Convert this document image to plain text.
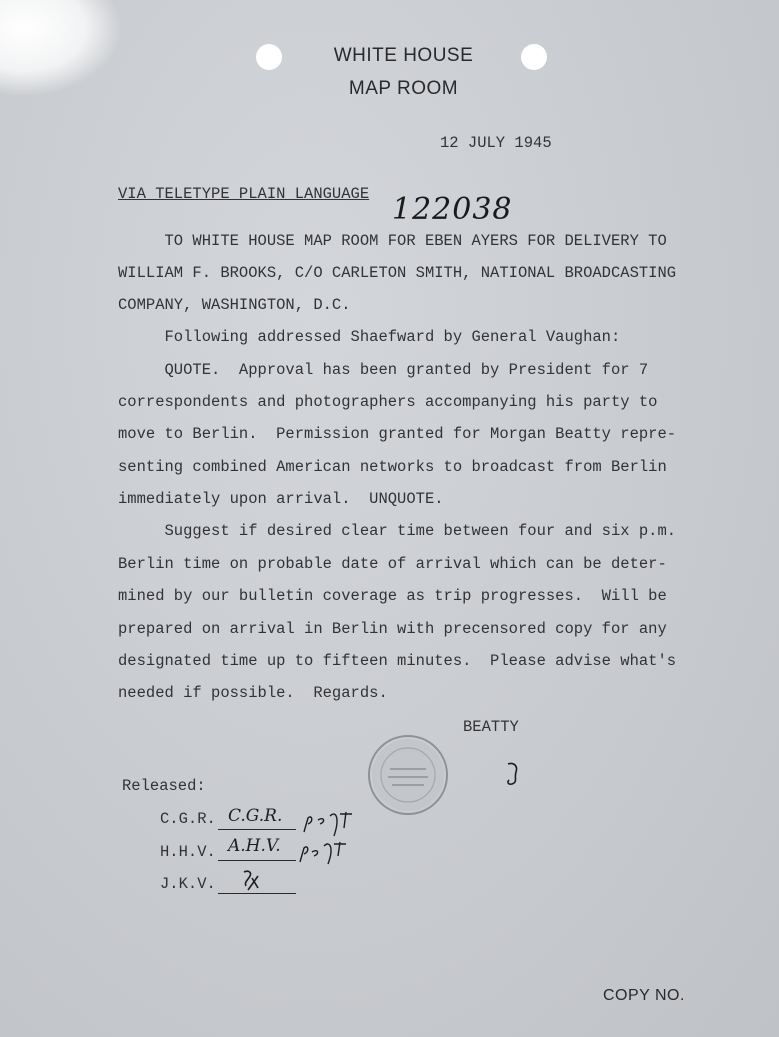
WHITE HOUSE
MAP ROOM
12 JULY 1945
VIA TELETYPE PLAIN LANGUAGE 122038
TO WHITE HOUSE MAP ROOM FOR EBEN AYERS FOR DELIVERY TO
WILLIAM F. BROOKS, C/O CARLETON SMITH, NATIONAL BROADCASTING
COMPANY, WASHINGTON, D.C.
Following addressed Shaefward by General Vaughan:
QUOTE.  Approval has been granted by President for 7
correspondents and photographers accompanying his party to
move to Berlin.  Permission granted for Morgan Beatty repre-
senting combined American networks to broadcast from Berlin
immediately upon arrival.  UNQUOTE.
Suggest if desired clear time between four and six p.m.
Berlin time on probable date of arrival which can be deter-
mined by our bulletin coverage as trip progresses.  Will be
prepared on arrival in Berlin with precensored copy for any
designated time up to fifteen minutes.  Please advise what's
needed if possible.  Regards.
BEATTY
Released:
C.G.R. C.G.R.
H.H.V. A.H.V.
J.K.V.
COPY NO.
